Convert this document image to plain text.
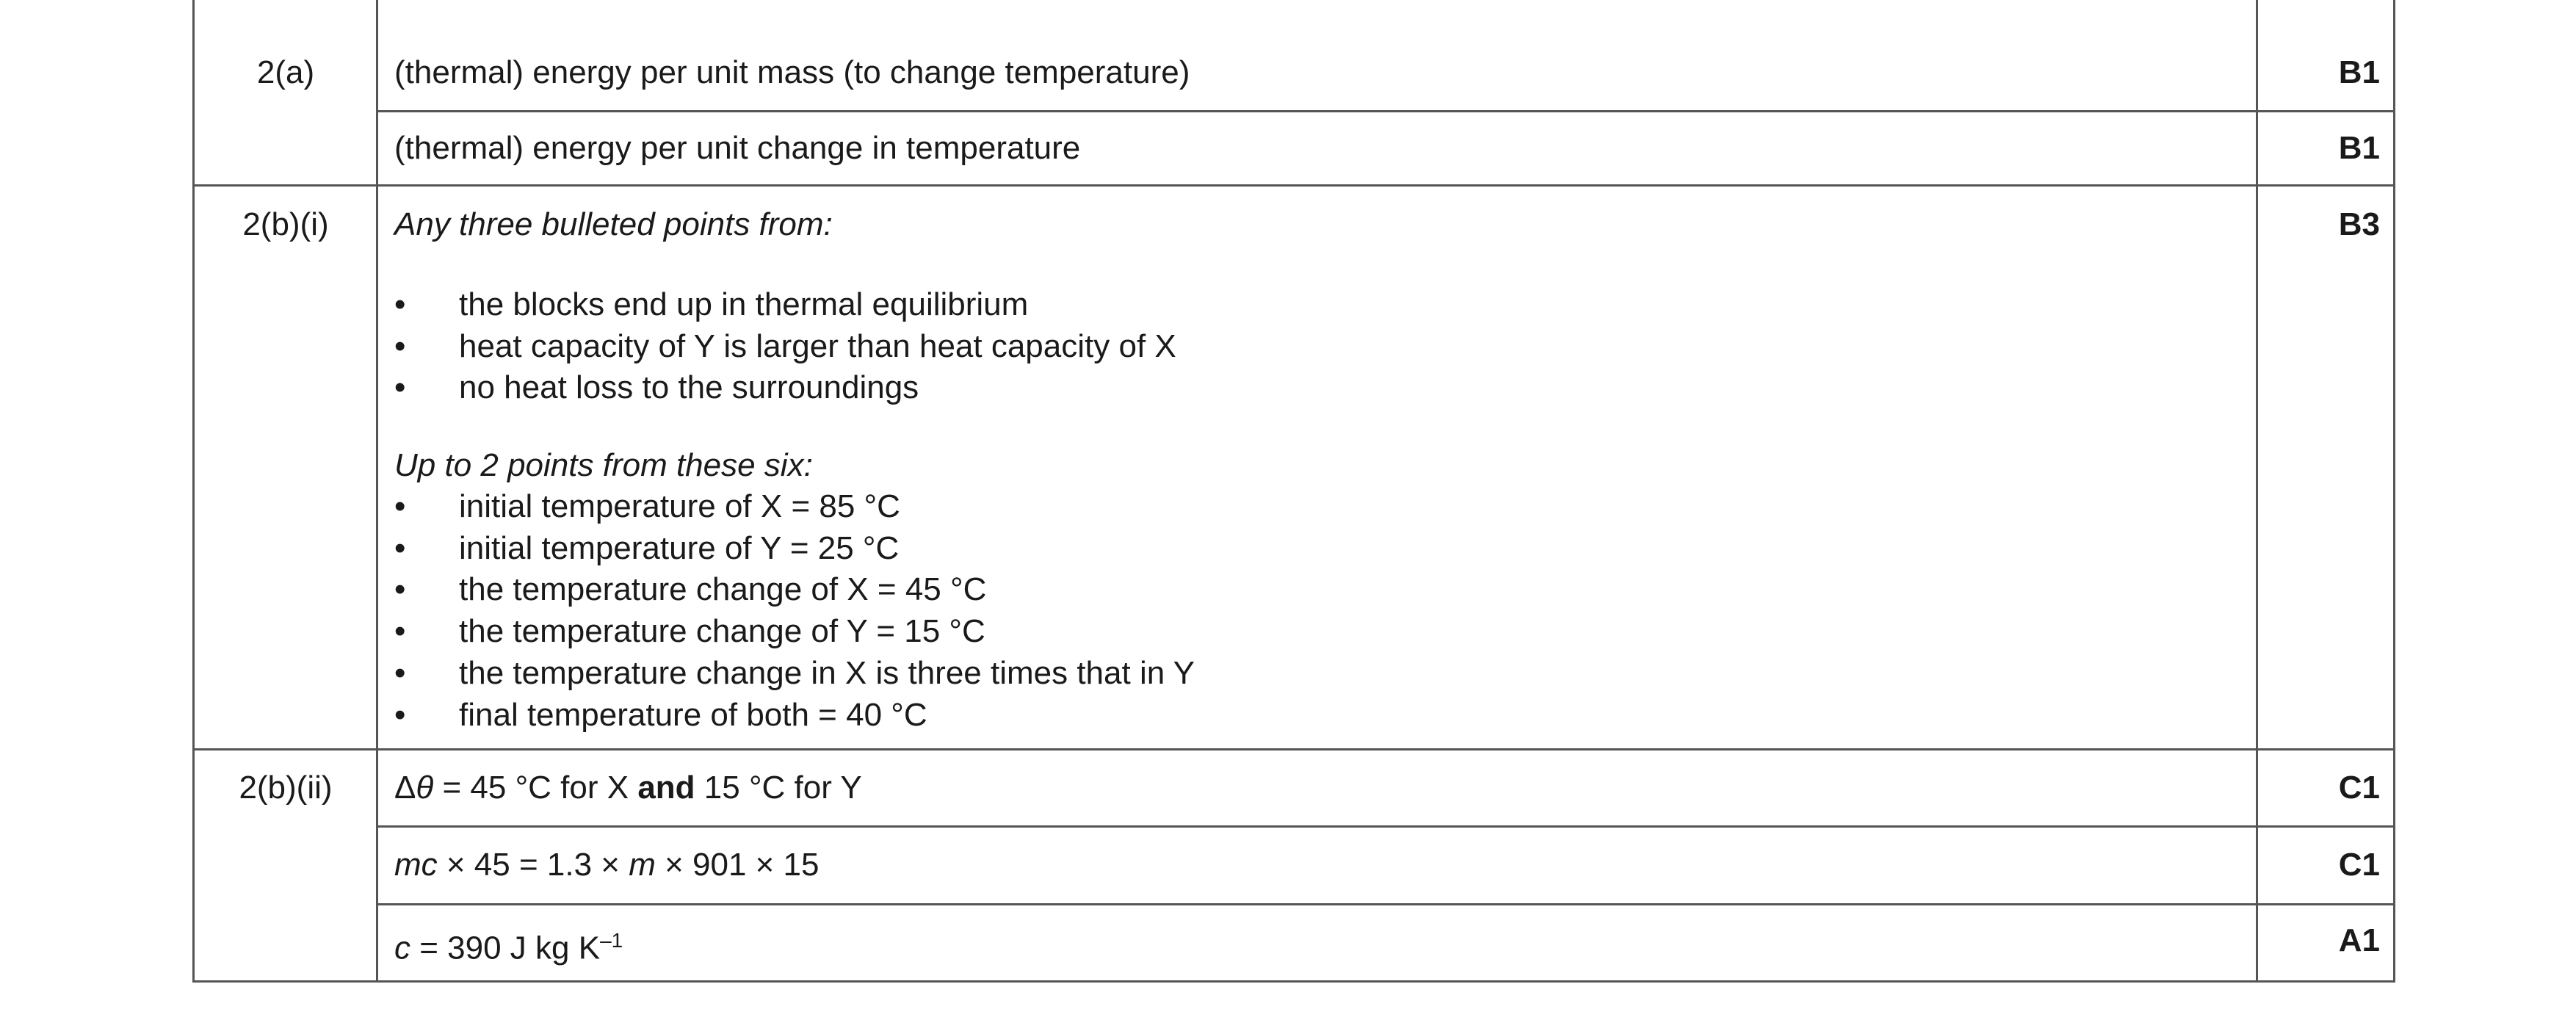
2(a)	(thermal) energy per unit mass (to change temperature)	B1
(thermal) energy per unit change in temperature	B1
2(b)(i)	Any three bulleted points from:	B3
•	the blocks end up in thermal equilibrium
•	heat capacity of Y is larger than heat capacity of X
•	no heat loss to the surroundings
Up to 2 points from these six:
•	initial temperature of X = 85 °C
•	initial temperature of Y = 25 °C
•	the temperature change of X = 45 °C
•	the temperature change of Y = 15 °C
•	the temperature change in X is three times that in Y
•	final temperature of both = 40 °C
2(b)(ii)	Δθ = 45 °C for X and 15 °C for Y	C1
mc × 45 = 1.3 × m × 901 × 15	C1
c = 390 J kg $K^{-1}$	A1
